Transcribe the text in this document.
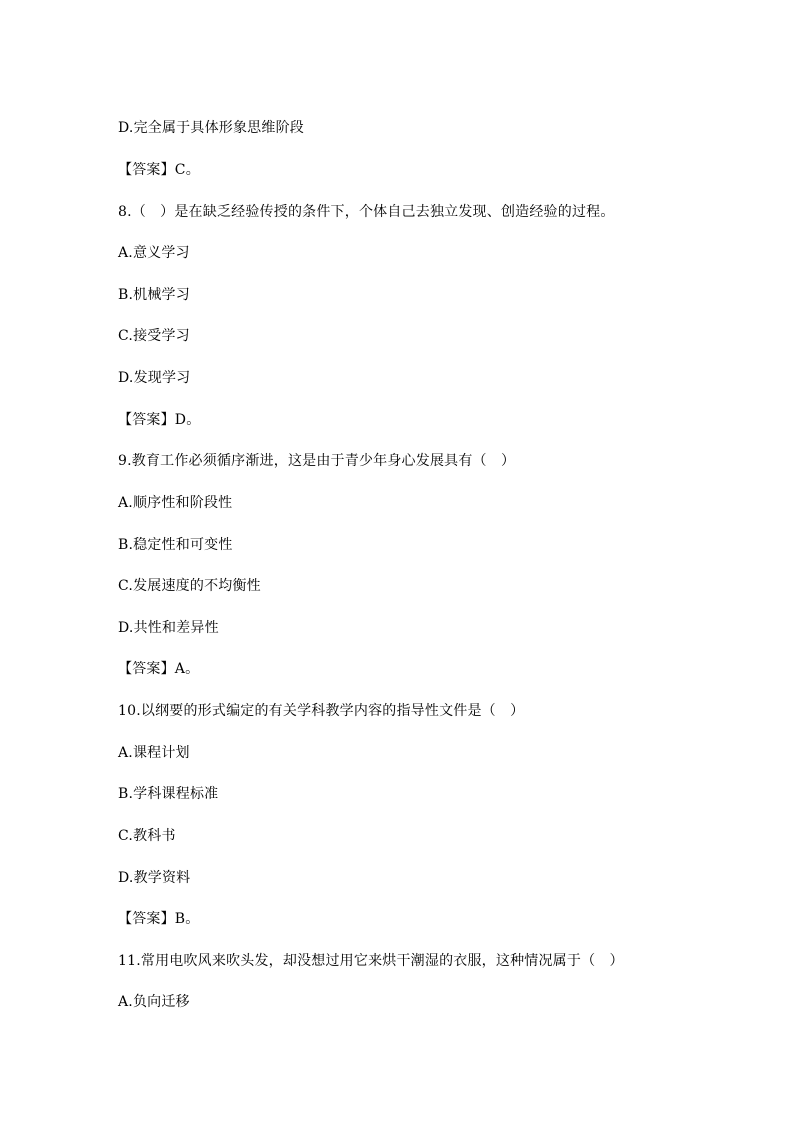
D.完全属于具体形象思维阶段
【答案】C。
8.（　）是在缺乏经验传授的条件下，个体自己去独立发现、创造经验的过程。
A.意义学习
B.机械学习
C.接受学习
D.发现学习
【答案】D。
9.教育工作必须循序渐进，这是由于青少年身心发展具有（　）
A.顺序性和阶段性
B.稳定性和可变性
C.发展速度的不均衡性
D.共性和差异性
【答案】A。
10.以纲要的形式编定的有关学科教学内容的指导性文件是（　）
A.课程计划
B.学科课程标准
C.教科书
D.教学资料
【答案】B。
11.常用电吹风来吹头发，却没想过用它来烘干潮湿的衣服，这种情况属于（　）
A.负向迁移
